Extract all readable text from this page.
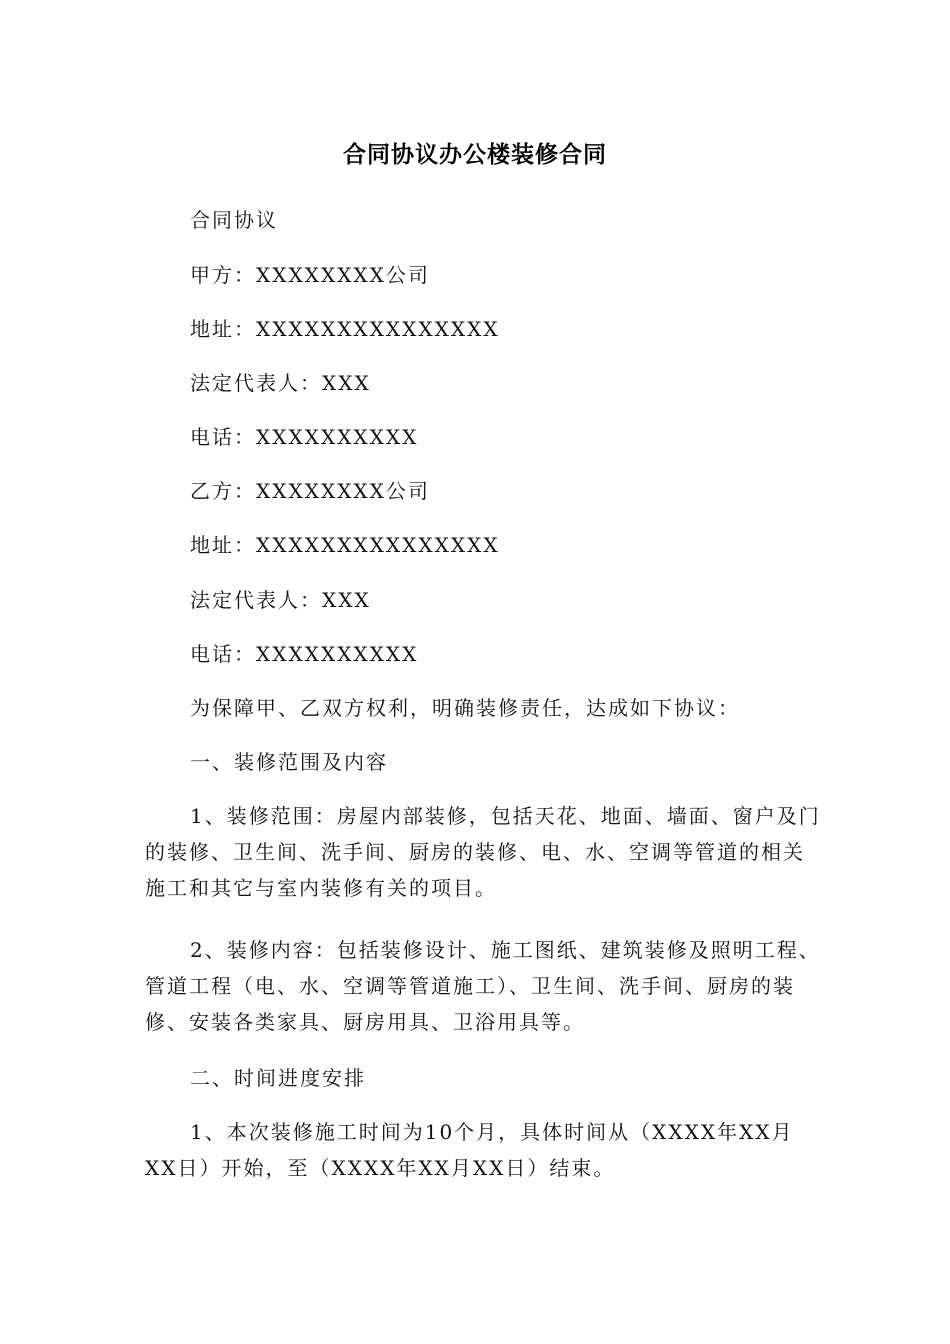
合同协议办公楼装修合同
合同协议
甲方：XXXXXXXX公司
地址：XXXXXXXXXXXXXXX
法定代表人：XXX
电话：XXXXXXXXXX
乙方：XXXXXXXX公司
地址：XXXXXXXXXXXXXXX
法定代表人：XXX
电话：XXXXXXXXXX
为保障甲、乙双方权利，明确装修责任，达成如下协议：
一、装修范围及内容
1、装修范围：房屋内部装修，包括天花、地面、墙面、窗户及门的装修、卫生间、洗手间、厨房的装修、电、水、空调等管道的相关施工和其它与室内装修有关的项目。
2、装修内容：包括装修设计、施工图纸、建筑装修及照明工程、管道工程（电、水、空调等管道施工）、卫生间、洗手间、厨房的装修、安装各类家具、厨房用具、卫浴用具等。
二、时间进度安排
1、本次装修施工时间为10个月，具体时间从（XXXX年XX月XX日）开始，至（XXXX年XX月XX日）结束。
